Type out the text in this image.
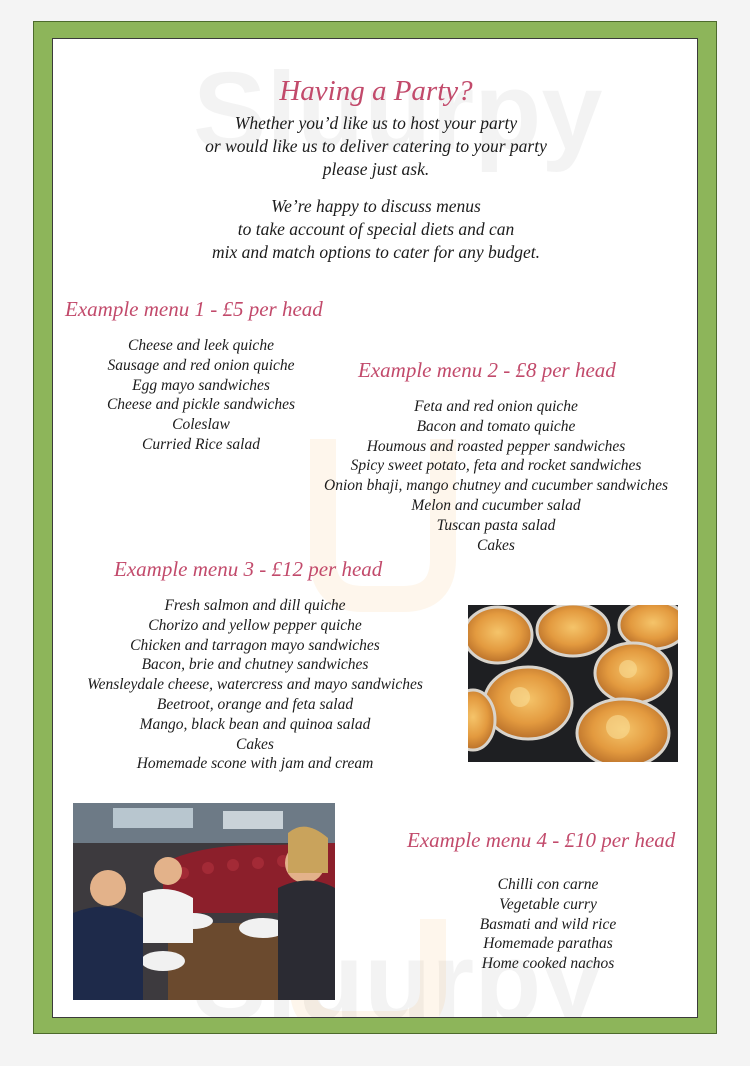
Having a Party?
Whether you’d like us to host your party
or would like us to deliver catering to your party
please just ask.
We’re happy to discuss menus
to take account of special diets and can
mix and match options to cater for any budget.
Example menu 1 - £5 per head
Cheese and leek quiche
Sausage and red onion quiche
Egg mayo sandwiches
Cheese and pickle sandwiches
Coleslaw
Curried Rice salad
Example menu 2 - £8 per head
Feta and red onion quiche
Bacon and tomato quiche
Houmous and roasted pepper sandwiches
Spicy sweet potato, feta and rocket sandwiches
Onion bhaji, mango chutney and cucumber sandwiches
Melon and cucumber salad
Tuscan pasta salad
Cakes
Example menu 3 - £12 per head
Fresh salmon and dill quiche
Chorizo and yellow pepper quiche
Chicken and tarragon mayo sandwiches
Bacon, brie and chutney sandwiches
Wensleydale cheese, watercress and mayo sandwiches
Beetroot, orange and feta salad
Mango, black bean and quinoa salad
Cakes
Homemade scone with jam and cream
Example menu 4 - £10 per head
Chilli con carne
Vegetable curry
Basmati and wild rice
Homemade parathas
Home cooked nachos
